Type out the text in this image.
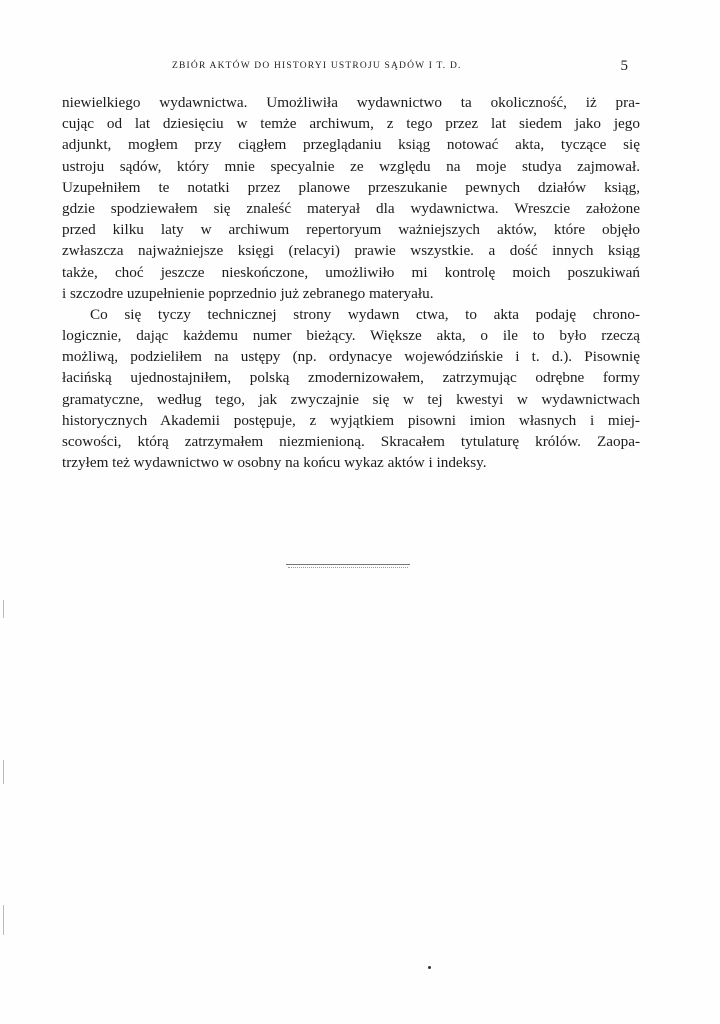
ZBIÓR AKTÓW DO HISTORYI USTROJU SĄDÓW I T. D.	5
niewielkiego wydawnictwa. Umożliwiła wydawnictwo ta okoliczność, iż pra-
cując od lat dziesięciu w temże archiwum, z tego przez lat siedem jako jego
adjunkt, mogłem przy ciągłem przeglądaniu ksiąg notować akta, tyczące się
ustroju sądów, który mnie specyalnie ze względu na moje studya zajmował.
Uzupełniłem te notatki przez planowe przeszukanie pewnych działów ksiąg,
gdzie spodziewałem się znaleść materyał dla wydawnictwa. Wreszcie założone
przed kilku laty w archiwum repertoryum ważniejszych aktów, które objęło
zwłaszcza najważniejsze księgi (relacyi) prawie wszystkie. a dość innych ksiąg
także, choć jeszcze nieskończone, umożliwiło mi kontrolę moich poszukiwań
i szczodre uzupełnienie poprzednio już zebranego materyału.
Co się tyczy technicznej strony wydawn ctwa, to akta podaję chrono-
logicznie, dając każdemu numer bieżący. Większe akta, o ile to było rzeczą
możliwą, podzieliłem na ustępy (np. ordynacye wojewódzińskie i t. d.). Pisownię
łacińską ujednostajniłem, polską zmodernizowałem, zatrzymując odrębne formy
gramatyczne, według tego, jak zwyczajnie się w tej kwestyi w wydawnictwach
historycznych Akademii postępuje, z wyjątkiem pisowni imion własnych i miej-
scowości, którą zatrzymałem niezmienioną. Skracałem tytulaturę królów. Zaopa-
trzyłem też wydawnictwo w osobny na końcu wykaz aktów i indeksy.
